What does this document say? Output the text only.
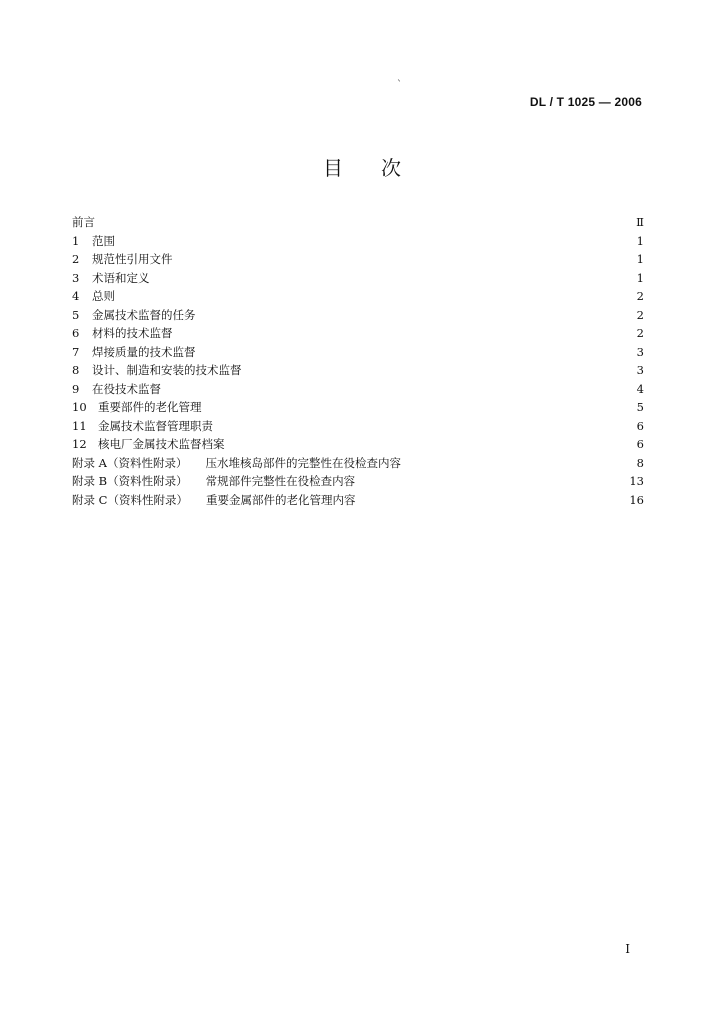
`
DL / T 1025 — 2006
目次
前言	Ⅱ
1 范围	1
2 规范性引用文件	1
3 术语和定义	1
4 总则	2
5 金属技术监督的任务	2
6 材料的技术监督	2
7 焊接质量的技术监督	3
8 设计、制造和安装的技术监督	3
9 在役技术监督	4
10 重要部件的老化管理	5
11 金属技术监督管理职责	6
12 核电厂金属技术监督档案	6
附录 A（资料性附录） 压水堆核岛部件的完整性在役检查内容	8
附录 B（资料性附录） 常规部件完整性在役检查内容	13
附录 C（资料性附录） 重要金属部件的老化管理内容	16
I
